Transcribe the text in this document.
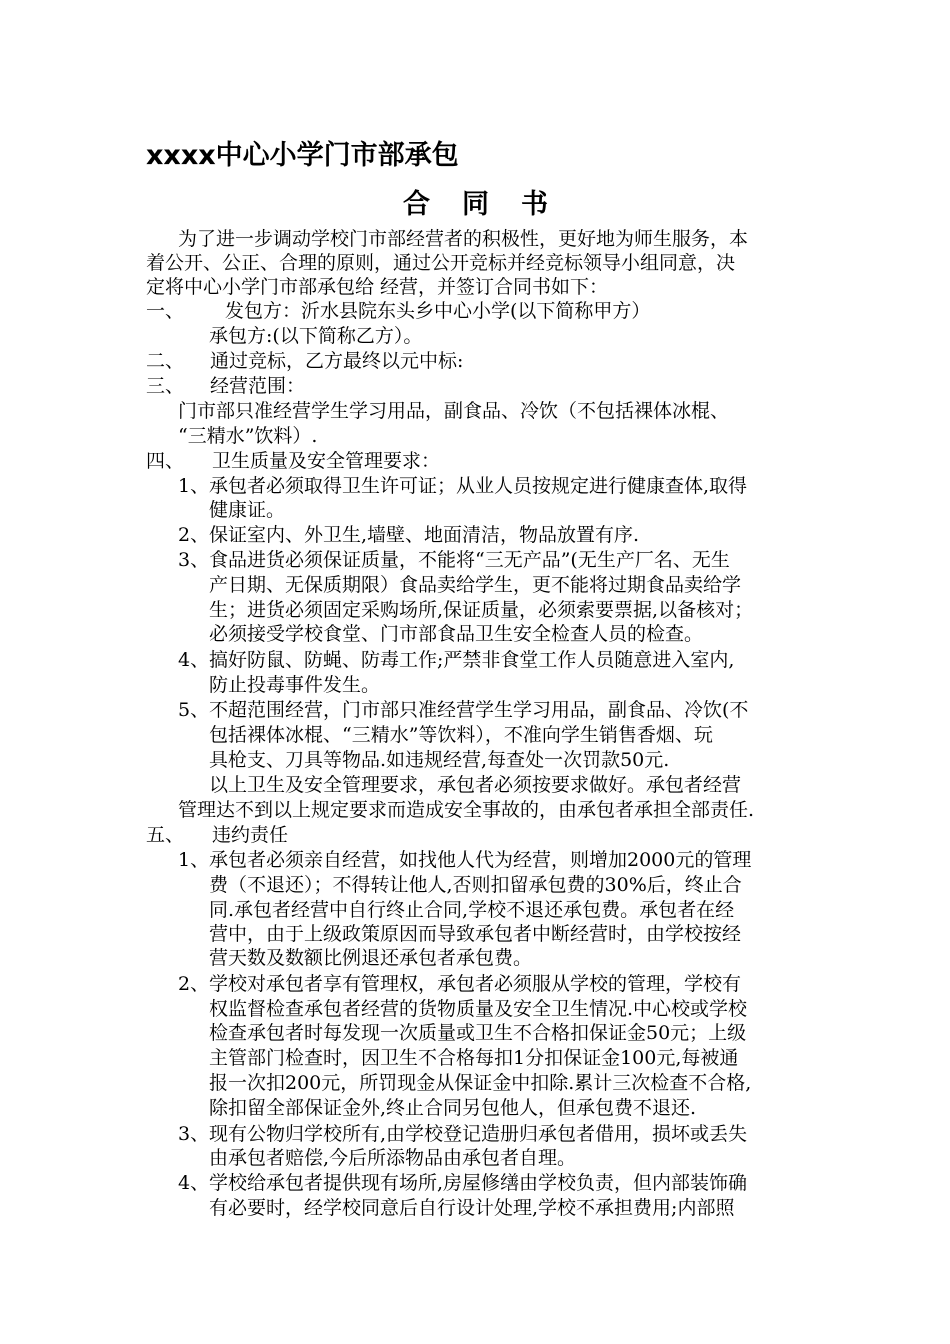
xxxx中心小学门市部承包
合同书
为了进一步调动学校门市部经营者的积极性，更好地为师生服务，本
着公开、公正、合理的原则，通过公开竞标并经竞标领导小组同意，决
定将中心小学门市部承包给 经营，并签订合同书如下：
一、 发包方：沂水县院东头乡中心小学(以下简称甲方）
承包方:(以下简称乙方）。
二、 通过竞标，乙方最终以元中标:
三、 经营范围：
门市部只准经营学生学习用品，副食品、冷饮（不包括裸体冰棍、
“三精水”饮料）.
四、 卫生质量及安全管理要求：
1、 承包者必须取得卫生许可证；从业人员按规定进行健康查体,取得
健康证。
2、 保证室内、外卫生,墙壁、地面清洁，物品放置有序.
3、 食品进货必须保证质量，不能将“三无产品”(无生产厂名、无生
产日期、无保质期限）食品卖给学生，更不能将过期食品卖给学
生；进货必须固定采购场所,保证质量，必须索要票据,以备核对；
必须接受学校食堂、门市部食品卫生安全检查人员的检查。
4、 搞好防鼠、防蝇、防毒工作;严禁非食堂工作人员随意进入室内,
防止投毒事件发生。
5、 不超范围经营，门市部只准经营学生学习用品，副食品、冷饮(不
包括裸体冰棍、“三精水”等饮料），不准向学生销售香烟、玩
具枪支、刀具等物品.如违规经营,每查处一次罚款50元.
以上卫生及安全管理要求，承包者必须按要求做好。承包者经营
管理达不到以上规定要求而造成安全事故的，由承包者承担全部责任.
五、 违约责任
1、 承包者必须亲自经营，如找他人代为经营，则增加2000元的管理
费（不退还）；不得转让他人,否则扣留承包费的30%后，终止合
同.承包者经营中自行终止合同,学校不退还承包费。承包者在经
营中，由于上级政策原因而导致承包者中断经营时，由学校按经
营天数及数额比例退还承包者承包费。
2、 学校对承包者享有管理权，承包者必须服从学校的管理，学校有
权监督检查承包者经营的货物质量及安全卫生情况.中心校或学校
检查承包者时每发现一次质量或卫生不合格扣保证金50元；上级
主管部门检查时，因卫生不合格每扣1分扣保证金100元,每被通
报一次扣200元，所罚现金从保证金中扣除.累计三次检查不合格,
除扣留全部保证金外,终止合同另包他人，但承包费不退还.
3、 现有公物归学校所有,由学校登记造册归承包者借用，损坏或丢失
由承包者赔偿,今后所添物品由承包者自理。
4、 学校给承包者提供现有场所,房屋修缮由学校负责，但内部装饰确
有必要时，经学校同意后自行设计处理,学校不承担费用;内部照
